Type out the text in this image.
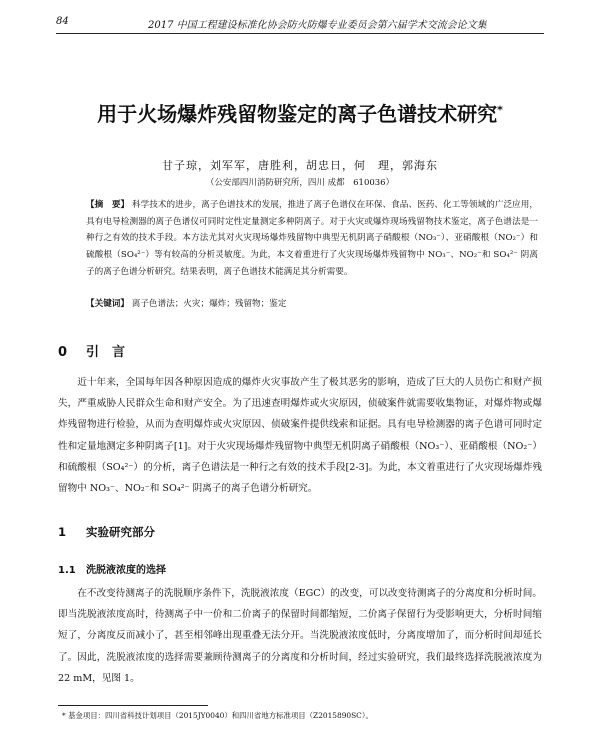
84	2017 中国工程建设标准化协会防火防爆专业委员会第六届学术交流会论文集
用于火场爆炸残留物鉴定的离子色谱技术研究*
甘子琼，刘军军，唐胜利，胡忠日，何　理，郭海东
（公安部四川消防研究所，四川 成都　610036）
【摘　要】 科学技术的进步，离子色谱技术的发展，推进了离子色谱仪在环保、食品、医药、化工等领域的广泛应用，具有电导检测器的离子色谱仪可同时定性定量测定多种阴离子。对于火灾或爆炸现场残留物技术鉴定，离子色谱法是一种行之有效的技术手段。本方法尤其对火灾现场爆炸残留物中典型无机阴离子硝酸根（NO₃⁻）、亚硝酸根（NO₂⁻）和硫酸根（SO₄²⁻）等有较高的分析灵敏度。为此，本文着重进行了火灾现场爆炸残留物中 NO₃⁻、NO₂⁻和 SO₄²⁻ 阴离子的离子色谱分析研究。结果表明，离子色谱技术能满足其分析需要。
【关键词】 离子色谱法；火灾；爆炸；残留物；鉴定
0 引　言
近十年来，全国每年因各种原因造成的爆炸火灾事故产生了极其恶劣的影响，造成了巨大的人员伤亡和财产损失，严重威胁人民群众生命和财产安全。为了迅速查明爆炸或火灾原因，侦破案件就需要收集物证，对爆炸物或爆炸残留物进行检验，从而为查明爆炸或火灾原因、侦破案件提供线索和证据。具有电导检测器的离子色谱可同时定性和定量地测定多种阴离子[1]。对于火灾现场爆炸残留物中典型无机阴离子硝酸根（NO₃⁻）、亚硝酸根（NO₂⁻）和硫酸根（SO₄²⁻）的分析，离子色谱法是一种行之有效的技术手段[2-3]。为此，本文着重进行了火灾现场爆炸残留物中 NO₃⁻、NO₂⁻和 SO₄²⁻ 阴离子的离子色谱分析研究。
1 实验研究部分
1.1 洗脱液浓度的选择
在不改变待测离子的洗脱顺序条件下，洗脱液浓度（EGC）的改变，可以改变待测离子的分离度和分析时间。即当洗脱液浓度高时，待测离子中一价和二价离子的保留时间都缩短，二价离子保留行为受影响更大，分析时间缩短了，分离度反而减小了，甚至相邻峰出现重叠无法分开。当洗脱液浓度低时，分离度增加了，而分析时间却延长了。因此，洗脱液浓度的选择需要兼顾待测离子的分离度和分析时间，经过实验研究，我们最终选择洗脱液浓度为 22 mM，见图 1。
* 基金项目：四川省科技计划项目（2015JY0040）和四川省地方标准项目（Z2015890SC）。
